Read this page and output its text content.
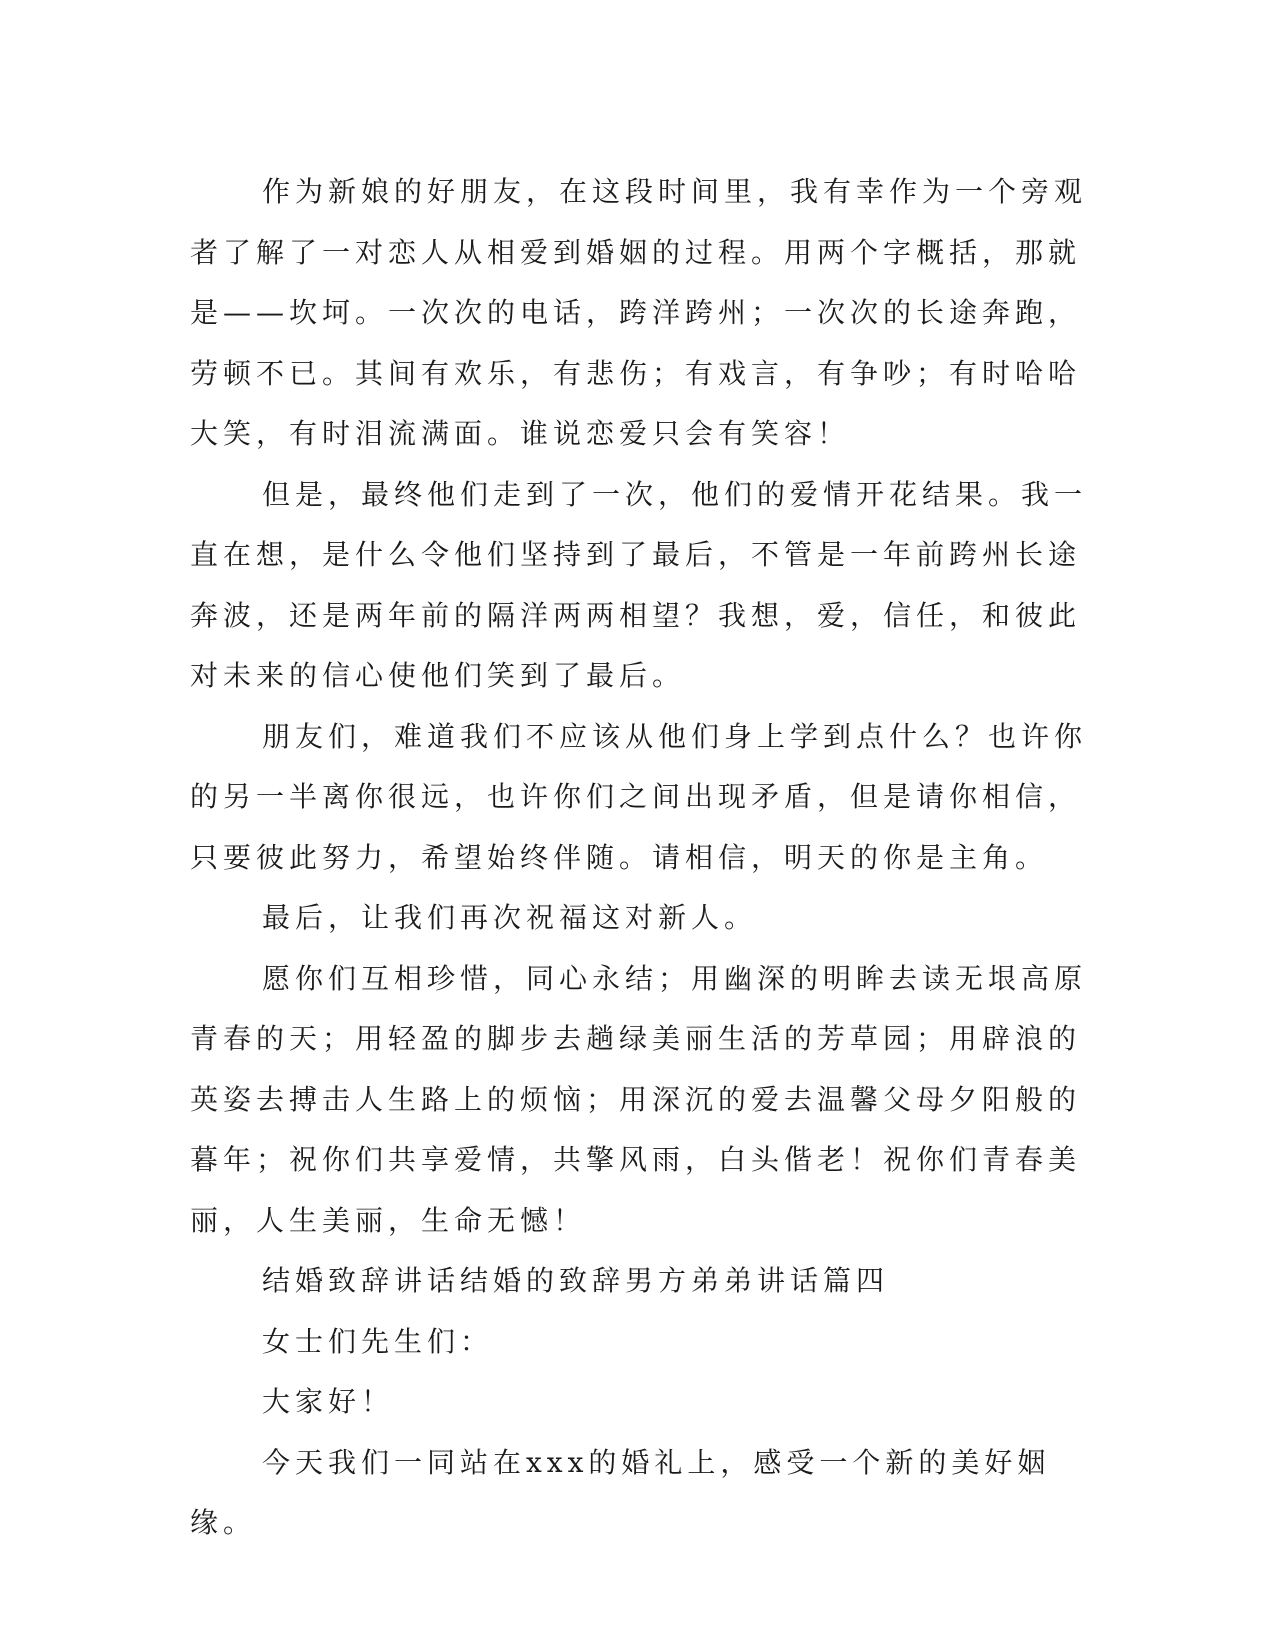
作为新娘的好朋友，在这段时间里，我有幸作为一个旁观者了解了一对恋人从相爱到婚姻的过程。用两个字概括，那就是——坎坷。一次次的电话，跨洋跨州；一次次的长途奔跑，劳顿不已。其间有欢乐，有悲伤；有戏言，有争吵；有时哈哈大笑，有时泪流满面。谁说恋爱只会有笑容！

但是，最终他们走到了一次，他们的爱情开花结果。我一直在想，是什么令他们坚持到了最后，不管是一年前跨州长途奔波，还是两年前的隔洋两两相望？我想，爱，信任，和彼此对未来的信心使他们笑到了最后。

朋友们，难道我们不应该从他们身上学到点什么？也许你的另一半离你很远，也许你们之间出现矛盾，但是请你相信，只要彼此努力，希望始终伴随。请相信，明天的你是主角。

最后，让我们再次祝福这对新人。

愿你们互相珍惜，同心永结；用幽深的明眸去读无垠高原青春的天；用轻盈的脚步去趟绿美丽生活的芳草园；用辟浪的英姿去搏击人生路上的烦恼；用深沉的爱去温馨父母夕阳般的暮年；祝你们共享爱情，共擎风雨，白头偕老！祝你们青春美丽，人生美丽，生命无憾！

结婚致辞讲话结婚的致辞男方弟弟讲话篇四

女士们先生们：

大家好！

今天我们一同站在xxx的婚礼上，感受一个新的美好姻缘。
